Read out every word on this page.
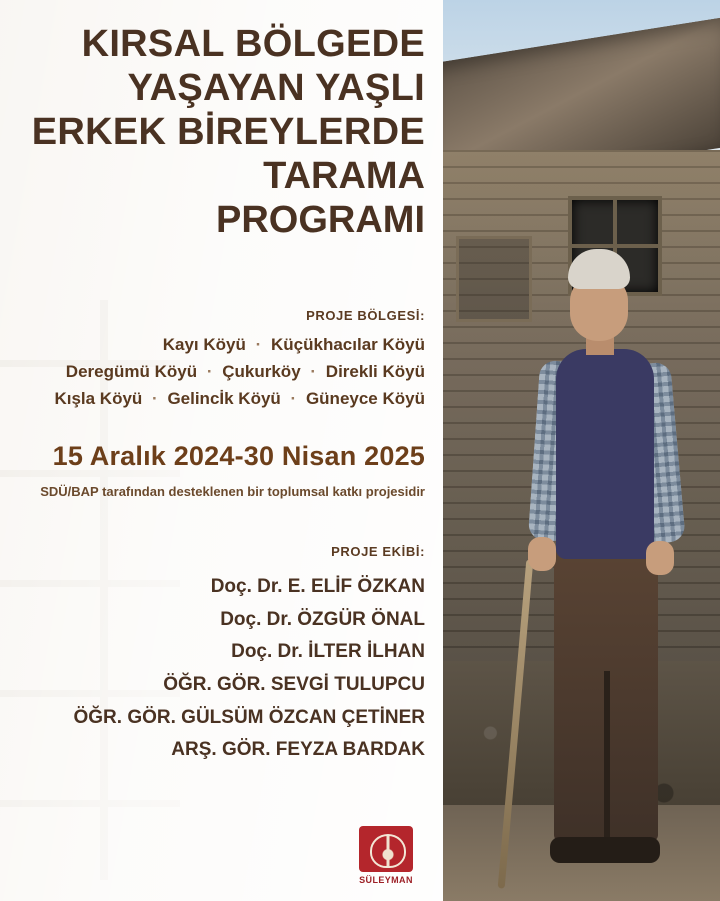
KIRSAL BÖLGEDE
YAŞAYAN YAŞLI
ERKEK BİREYLERDE
TARAMA
PROGRAMI
PROJE BÖLGESİ:
Kayı Köyü · Küçükhacılar Köyü
Deregümü Köyü · Çukurköy · Direkli Köyü
Kışla Köyü · Gelincİk Köyü · Güneyce Köyü
15 Aralık 2024-30 Nisan 2025
SDÜ/BAP tarafından desteklenen bir toplumsal katkı projesidir
PROJE EKİBİ:
Doç. Dr. E. ELİF ÖZKAN
Doç. Dr. ÖZGÜR ÖNAL
Doç. Dr. İLTER İLHAN
ÖĞR. GÖR. SEVGİ TULUPCU
ÖĞR. GÖR. GÜLSÜM ÖZCAN ÇETİNER
ARŞ. GÖR. FEYZA BARDAK
SÜLEYMAN
